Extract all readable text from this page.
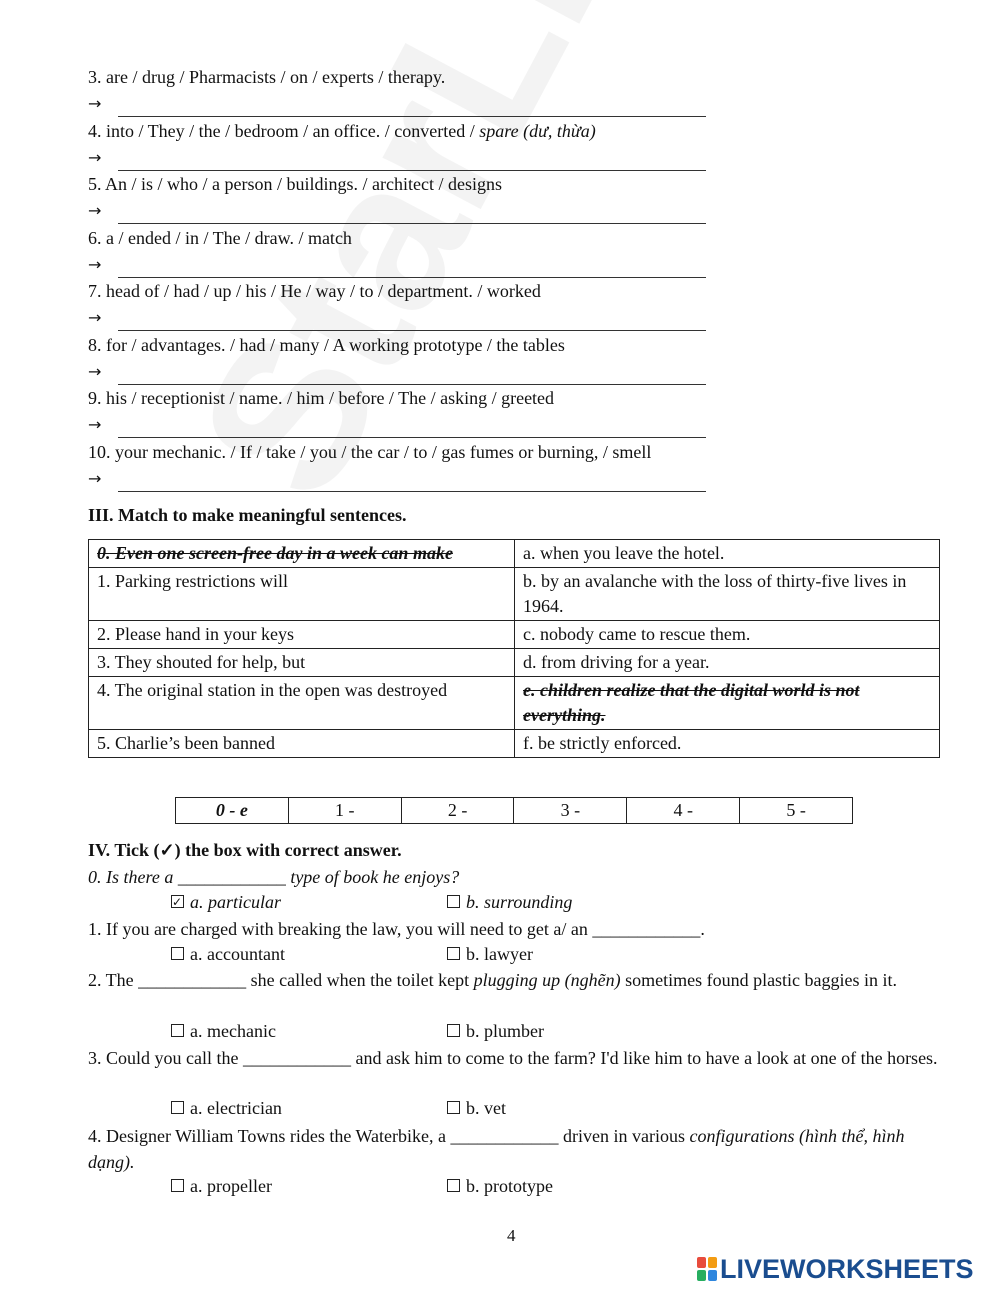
3. are / drug / Pharmacists / on / experts / therapy.
→
4. into / They / the / bedroom / an office. / converted / spare (dư, thừa)
→
5. An / is / who / a person / buildings. / architect / designs
→
6. a / ended / in / The / draw. / match
→
7. head of / had / up / his / He / way / to / department. / worked
→
8. for / advantages. / had / many / A working prototype / the tables
→
9. his / receptionist / name. / him / before / The / asking / greeted
→
10. your mechanic. / If / take / you / the car / to / gas fumes or burning, / smell
→
III. Match to make meaningful sentences.
0. Even one screen-free day in a week can make	a. when you leave the hotel.
1. Parking restrictions will	b. by an avalanche with the loss of thirty-five lives in 1964.
2. Please hand in your keys	c. nobody came to rescue them.
3. They shouted for help, but	d. from driving for a year.
4. The original station in the open was destroyed	e. children realize that the digital world is not everything.
5. Charlie’s been banned	f. be strictly enforced.
0 - e	1 -	2 -	3 -	4 -	5 -
IV. Tick (✓) the box with correct answer.
0. Is there a ____________ type of book he enjoys?
✓a. particular	b. surrounding
1. If you are charged with breaking the law, you will need to get a/ an ____________.
a. accountant	b. lawyer
2. The ____________ she called when the toilet kept plugging up (nghẽn) sometimes found plastic baggies in it.
a. mechanic	b. plumber
3. Could you call the ____________ and ask him to come to the farm? I'd like him to have a look at one of the horses.
a. electrician	b. vet
4. Designer William Towns rides the Waterbike, a ____________ driven in various configurations (hình thể, hình dạng).
a. propeller	b. prototype
4
LIVEWORKSHEETS
